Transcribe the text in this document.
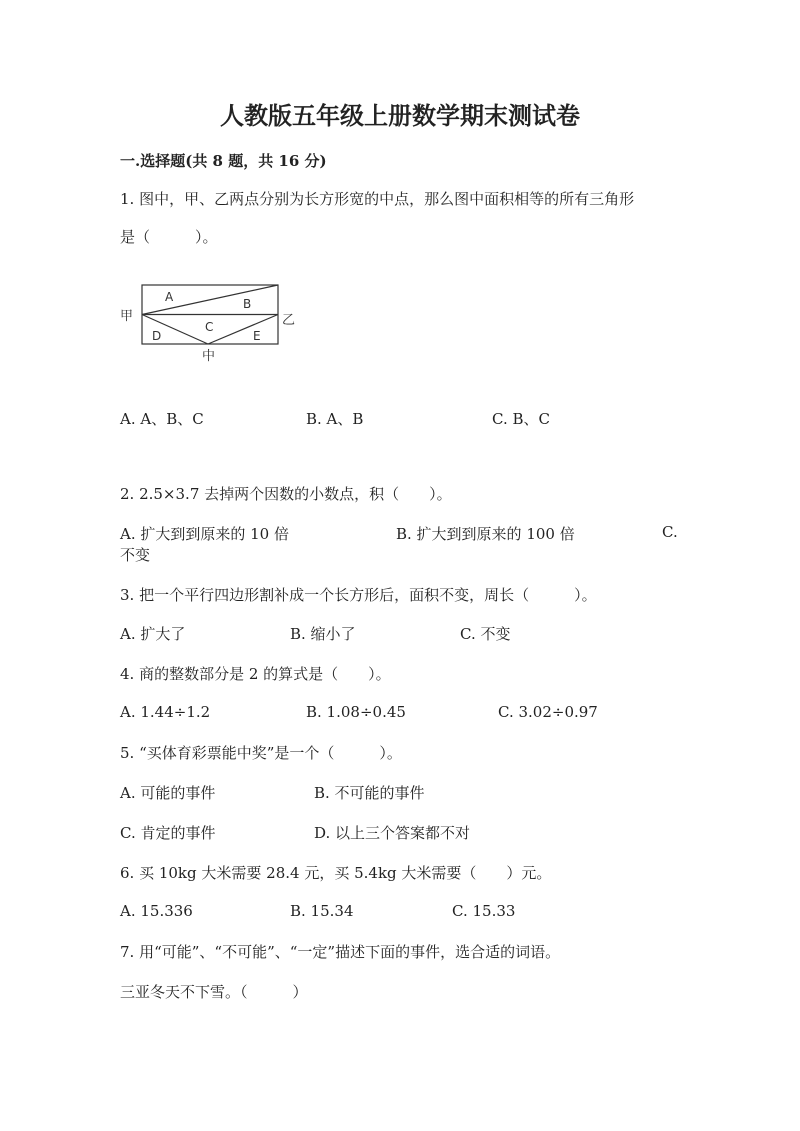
人教版五年级上册数学期末测试卷
一.选择题(共 8 题，共 16 分)
1. 图中，甲、乙两点分别为长方形宽的中点，那么图中面积相等的所有三角形
是（　　　）。
A	B
C
D	E
甲	乙
中
A. A、B、C	B. A、B	C. B、C
2. 2.5×3.7 去掉两个因数的小数点，积（　　）。
A. 扩大到到原来的 10 倍	B. 扩大到到原来的 100 倍	C.
不变
3. 把一个平行四边形割补成一个长方形后，面积不变，周长（　　　）。
A. 扩大了	B. 缩小了	C. 不变
4. 商的整数部分是 2 的算式是（　　）。
A. 1.44÷1.2	B. 1.08÷0.45	C. 3.02÷0.97
5. “买体育彩票能中奖”是一个（　　　）。
A. 可能的事件	B. 不可能的事件
C. 肯定的事件	D. 以上三个答案都不对
6. 买 10kg 大米需要 28.4 元，买 5.4kg 大米需要（　　）元。
A. 15.336	B. 15.34	C. 15.33
7. 用“可能”、“不可能”、“一定”描述下面的事件，选合适的词语。
三亚冬天不下雪。（　　　）
